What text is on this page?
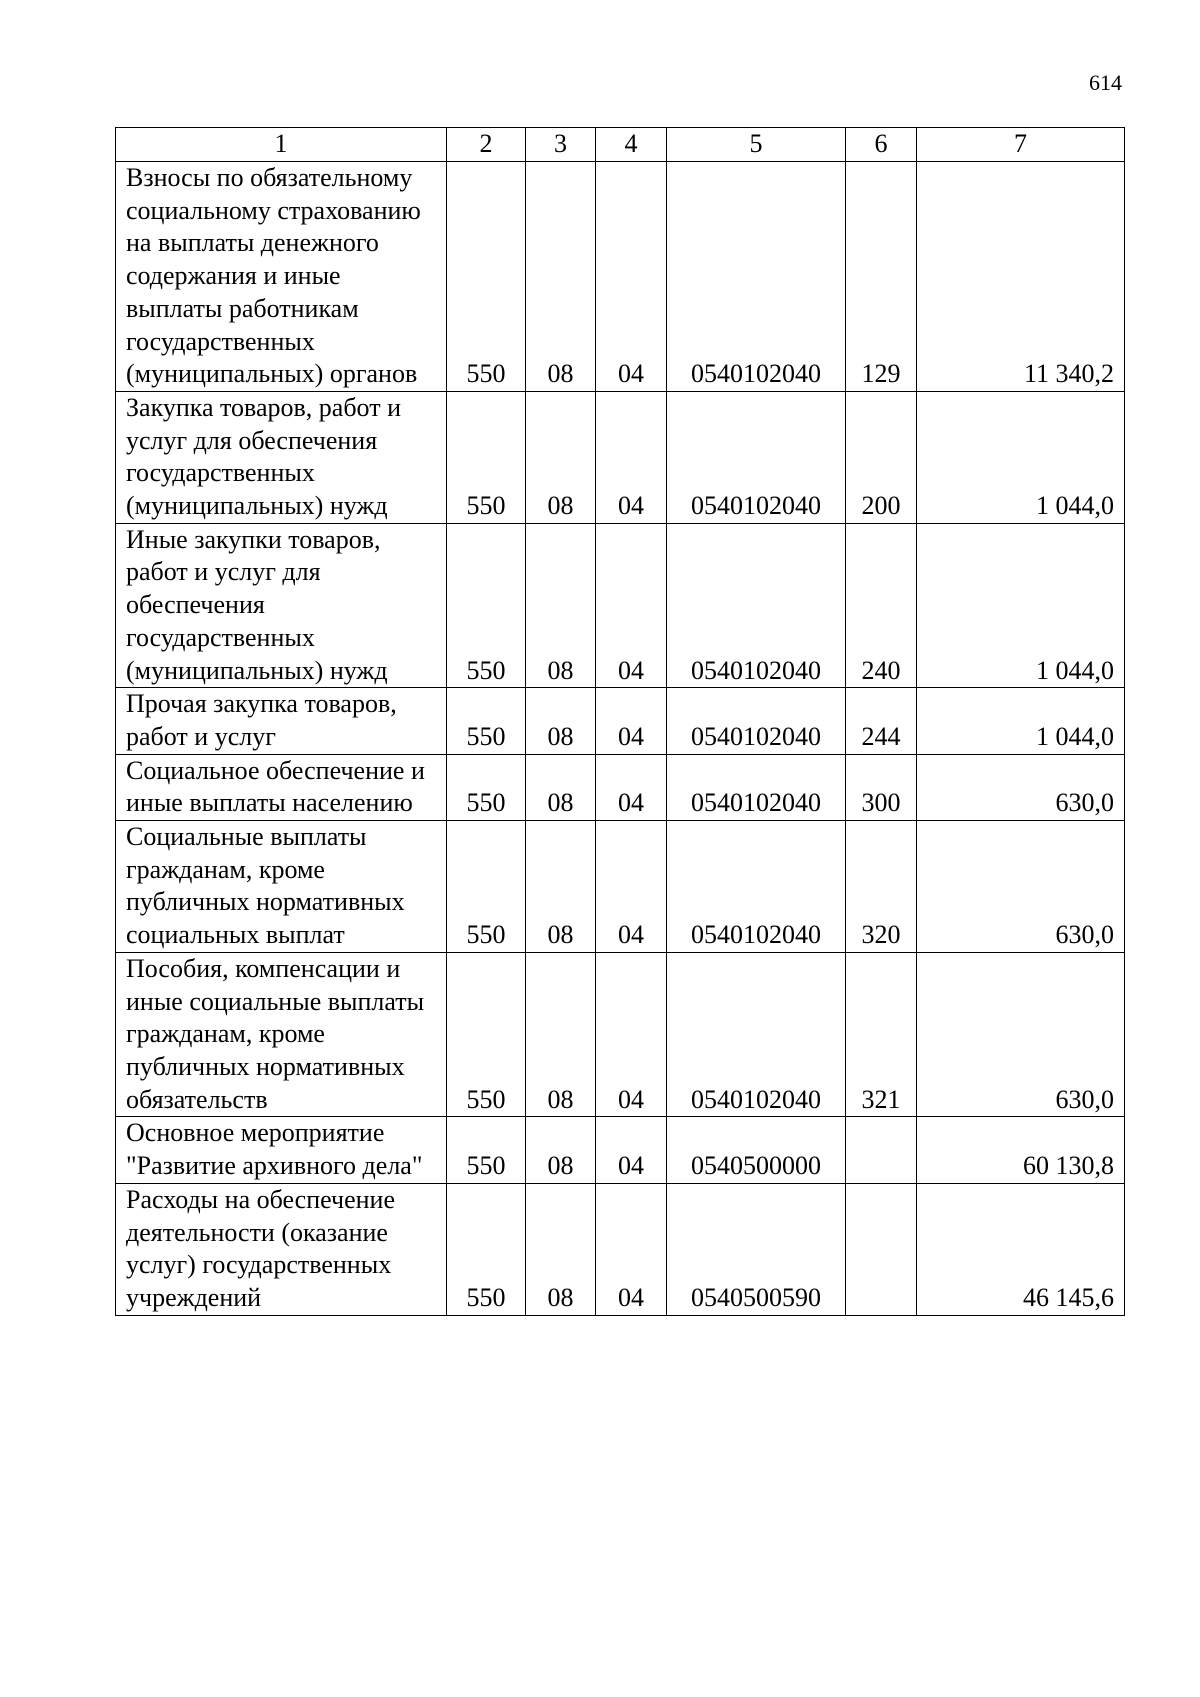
614
1	2	3	4	5	6	7
Взносы по обязательному социальному страхованию на выплаты денежного содержания и иные выплаты работникам государственных (муниципальных) органов	550	08	04	0540102040	129	11 340,2
Закупка товаров, работ и услуг для обеспечения государственных (муниципальных) нужд	550	08	04	0540102040	200	1 044,0
Иные закупки товаров, работ и услуг для обеспечения государственных (муниципальных) нужд	550	08	04	0540102040	240	1 044,0
Прочая закупка товаров, работ и услуг	550	08	04	0540102040	244	1 044,0
Социальное обеспечение и иные выплаты населению	550	08	04	0540102040	300	630,0
Социальные выплаты гражданам, кроме публичных нормативных социальных выплат	550	08	04	0540102040	320	630,0
Пособия, компенсации и иные социальные выплаты гражданам, кроме публичных нормативных обязательств	550	08	04	0540102040	321	630,0
Основное мероприятие "Развитие архивного дела"	550	08	04	0540500000		60 130,8
Расходы на обеспечение деятельности (оказание услуг) государственных учреждений	550	08	04	0540500590		46 145,6
